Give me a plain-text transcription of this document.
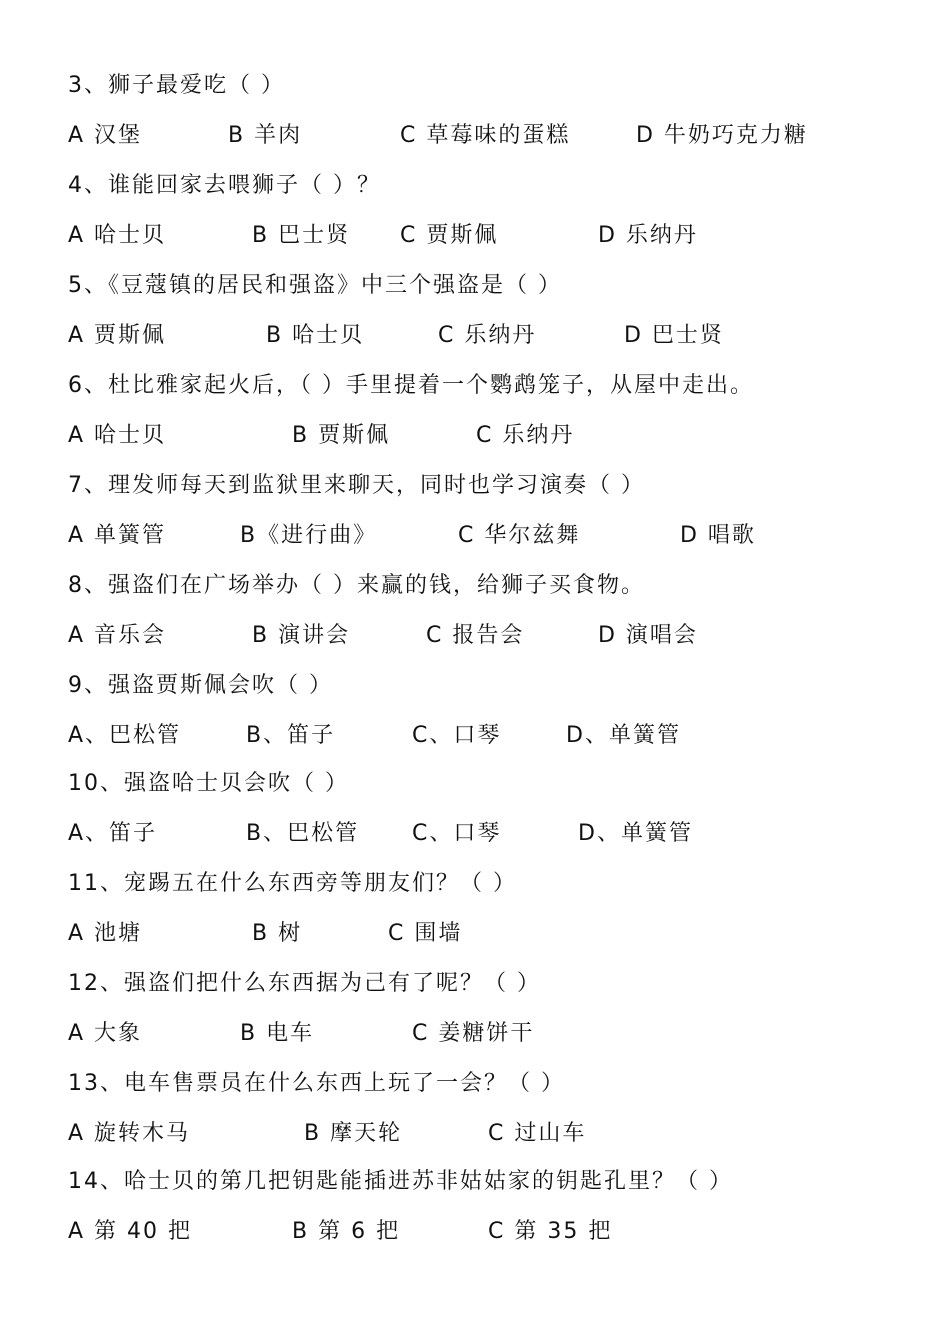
3、狮子最爱吃（ ）
A 汉堡	B 羊肉	C 草莓味的蛋糕	D 牛奶巧克力糖
4、谁能回家去喂狮子（ ）？
A 哈士贝	B 巴士贤 C 贾斯佩	D 乐纳丹
5、《豆蔻镇的居民和强盗》中三个强盗是（ ）
A 贾斯佩	B 哈士贝	C 乐纳丹	D 巴士贤
6、杜比雅家起火后，（ ）手里提着一个鹦鹉笼子，从屋中走出。
A 哈士贝	B 贾斯佩	C 乐纳丹
7、理发师每天到监狱里来聊天，同时也学习演奏（ ）
A 单簧管	B《进行曲》	C 华尔兹舞	D 唱歌
8、强盗们在广场举办（ ）来赢的钱，给狮子买食物。
A 音乐会	B 演讲会	C 报告会	D 演唱会
9、强盗贾斯佩会吹（ ）
A、巴松管	B、笛子	C、口琴	D、单簧管
10、强盗哈士贝会吹（ ）
A、笛子	B、巴松管 C、口琴	D、单簧管
11、宠踢五在什么东西旁等朋友们？（ ）
A 池塘	B 树	C 围墙
12、强盗们把什么东西据为己有了呢？（ ）
A 大象	B 电车	C 姜糖饼干
13、电车售票员在什么东西上玩了一会？（ ）
A 旋转木马	B 摩天轮	C 过山车
14、哈士贝的第几把钥匙能插进苏非姑姑家的钥匙孔里？（ ）
A 第 40 把	B 第 6 把	C 第 35 把
